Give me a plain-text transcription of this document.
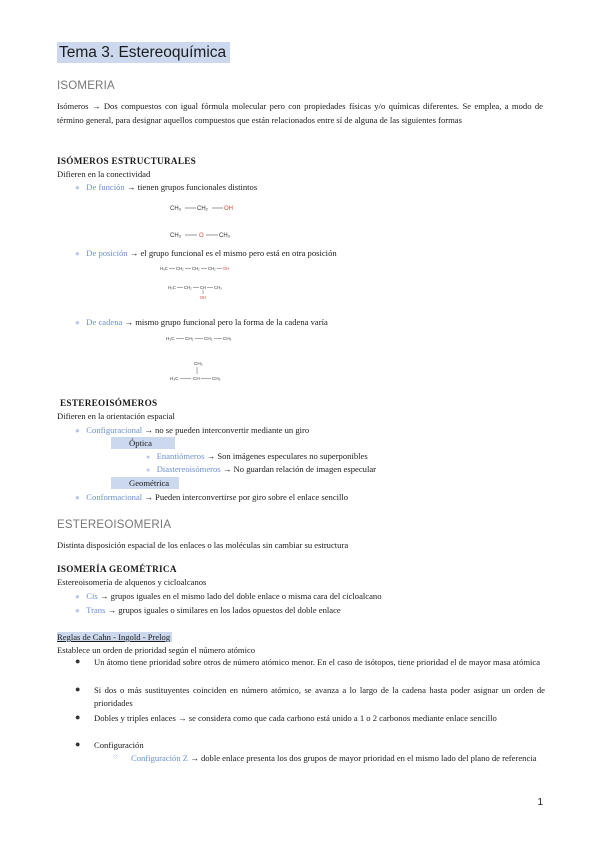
Tema 3. Estereoquímica
ISOMERIA
Isómeros → Dos compuestos con igual fórmula molecular pero con propiedades físicas y/o químicas diferentes. Se emplea, a modo de término general, para designar aquellos compuestos que están relacionados entre sí de alguna de las siguientes formas
ISÓMEROS ESTRUCTURALES
Difieren en la conectividad
● De función → tienen grupos funcionales distintos
CH₃	CH₂	OH
CH₃	O	CH₃
● De posición → el grupo funcional es el mismo pero está en otra posición
H₃C CH₂ CH₂ CH₂ OH
H₃C CH₂ CH CH₃
OH
● De cadena → mismo grupo funcional pero la forma de la cadena varía
H₃C CH₂ CH₂ CH₃
CH₃
H₃C	CH	CH₃
ESTEREOISÓMEROS
Difieren en la orientación espacial
● Configuracional → no se pueden interconvertir mediante un giro
Óptica
● Enantiómeros → Son imágenes especulares no superponibles
● Diastereoisómeros → No guardan relación de imagen especular
Geométrica
● Conformacional → Pueden interconvertirse por giro sobre el enlace sencillo
ESTEREOISOMERIA
Distinta disposición espacial de los enlaces o las moléculas sin cambiar su estructura
ISOMERÍA GEOMÉTRICA
Estereoisomería de alquenos y cicloalcanos
● Cis → grupos iguales en el mismo lado del doble enlace o misma cara del cicloalcano
● Trans → grupos iguales o similares en los lados opuestos del doble enlace
Reglas de Cahn - Ingold - Prelog
Establece un orden de prioridad según el número atómico
● Un átomo tiene prioridad sobre otros de número atómico menor. En el caso de isótopos, tiene prioridad el de mayor masa atómica
● Si dos o más sustituyentes coinciden en número atómico, se avanza a lo largo de la cadena hasta poder asignar un orden de prioridades
● Dobles y triples enlaces → se considera como que cada carbono está unido a 1 o 2 carbonos mediante enlace sencillo
● Configuración
○ Configuración Z → doble enlace presenta los dos grupos de mayor prioridad en el mismo lado del plano de referencia
1
